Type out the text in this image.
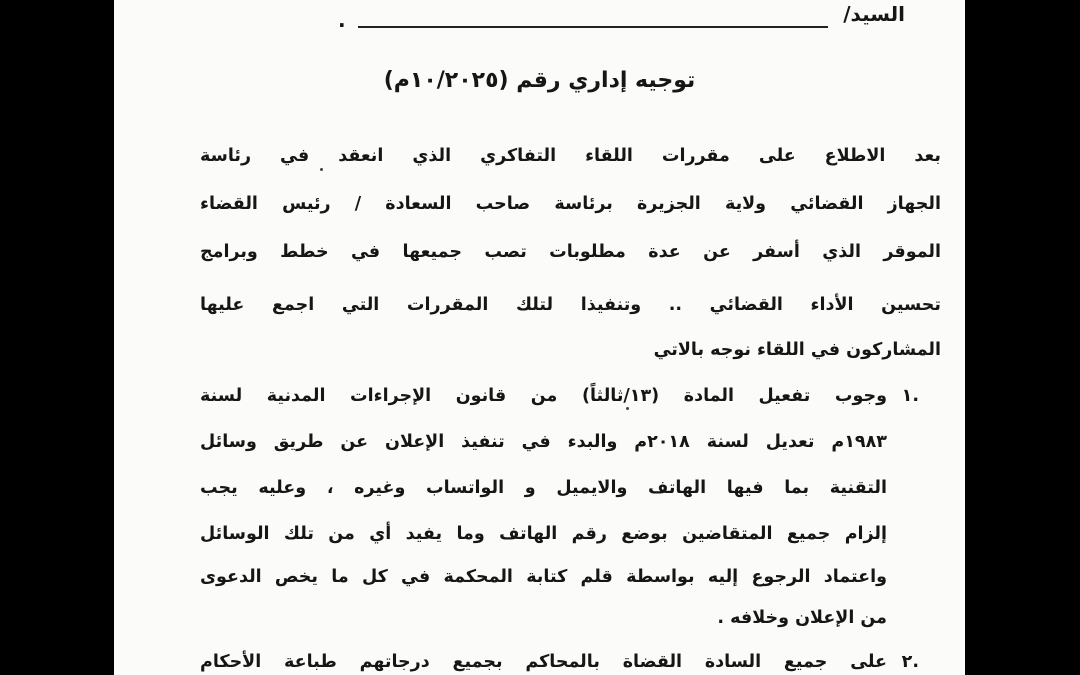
السيد/
.
توجيه إداري رقم (١٠/٢٠٢٥م)
بعد الاطلاع على مقررات اللقاء التفاكري الذي انعقد في رئاسة
الجهاز القضائي ولاية الجزيرة برئاسة صاحب السعادة / رئيس القضاء
الموقر الذي أسفر عن عدة مطلوبات تصب جميعها في خطط وبرامج
تحسين الأداء القضائي .. وتنفيذا لتلك المقررات التي اجمع عليها
المشاركون في اللقاء نوجه بالاتي
١.
وجوب تفعيل المادة (١٣/ثالثاً) من قانون الإجراءات المدنية لسنة
١٩٨٣م تعديل لسنة ٢٠١٨م والبدء في تنفيذ الإعلان عن طريق وسائل
التقنية بما فيها الهاتف والايميل و الواتساب وغيره ، وعليه يجب
إلزام جميع المتقاضين بوضع رقم الهاتف وما يفيد أي من تلك الوسائل
واعتماد الرجوع إليه بواسطة قلم كتابة المحكمة في كل ما يخص الدعوى
من الإعلان وخلافه .
٢.
على جميع السادة القضاة بالمحاكم بجميع درجاتهم طباعة الأحكام
